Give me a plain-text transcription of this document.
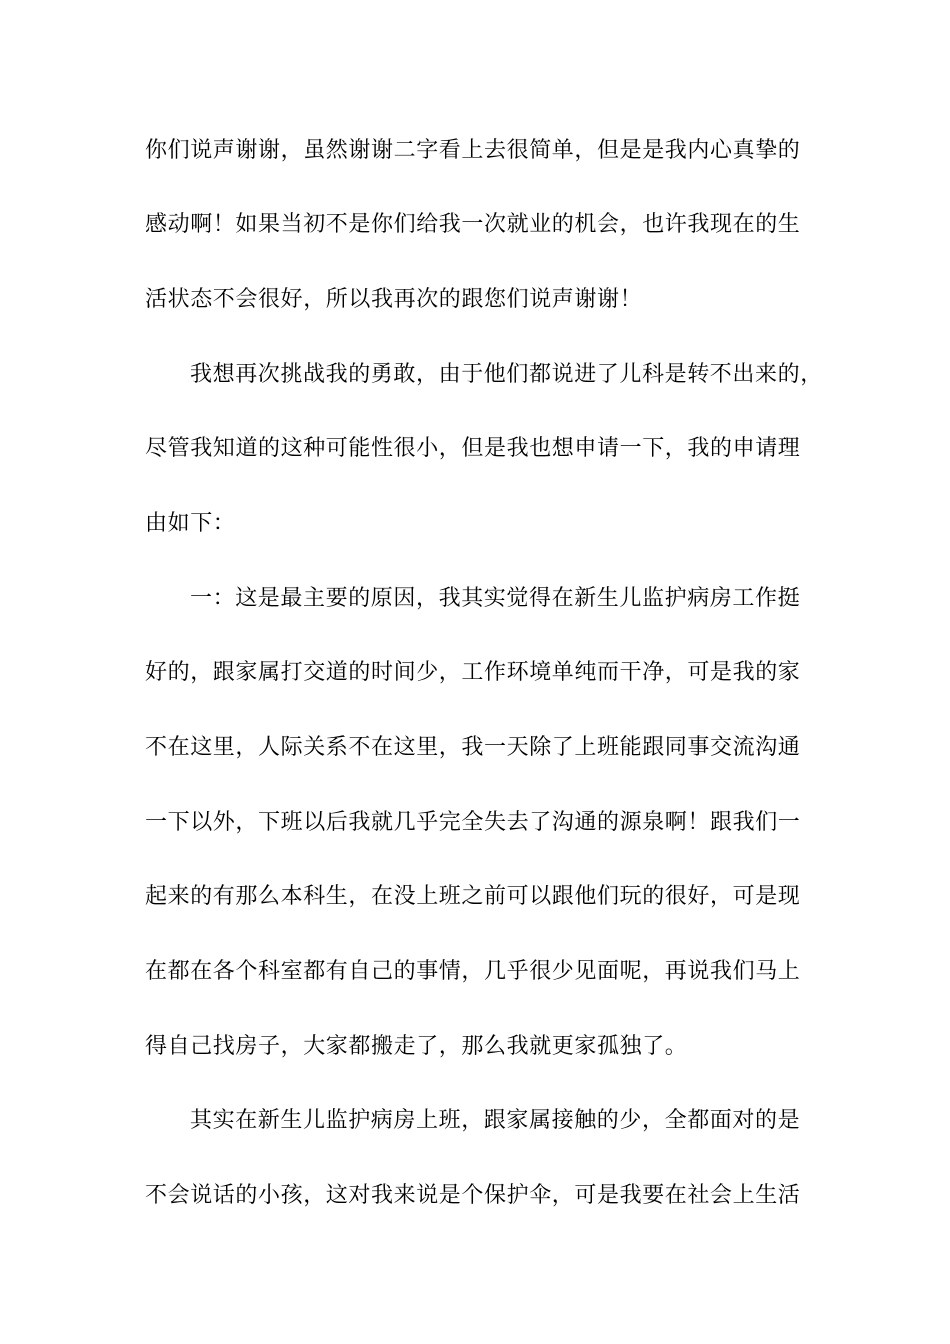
你们说声谢谢，虽然谢谢二字看上去很简单，但是是我内心真挚的
感动啊！如果当初不是你们给我一次就业的机会，也许我现在的生
活状态不会很好，所以我再次的跟您们说声谢谢！
我想再次挑战我的勇敢，由于他们都说进了儿科是转不出来的，
尽管我知道的这种可能性很小，但是我也想申请一下，我的申请理
由如下：
一：这是最主要的原因，我其实觉得在新生儿监护病房工作挺
好的，跟家属打交道的时间少，工作环境单纯而干净，可是我的家
不在这里，人际关系不在这里，我一天除了上班能跟同事交流沟通
一下以外，下班以后我就几乎完全失去了沟通的源泉啊！跟我们一
起来的有那么本科生，在没上班之前可以跟他们玩的很好，可是现
在都在各个科室都有自己的事情，几乎很少见面呢，再说我们马上
得自己找房子，大家都搬走了，那么我就更家孤独了。
其实在新生儿监护病房上班，跟家属接触的少，全都面对的是
不会说话的小孩，这对我来说是个保护伞，可是我要在社会上生活
